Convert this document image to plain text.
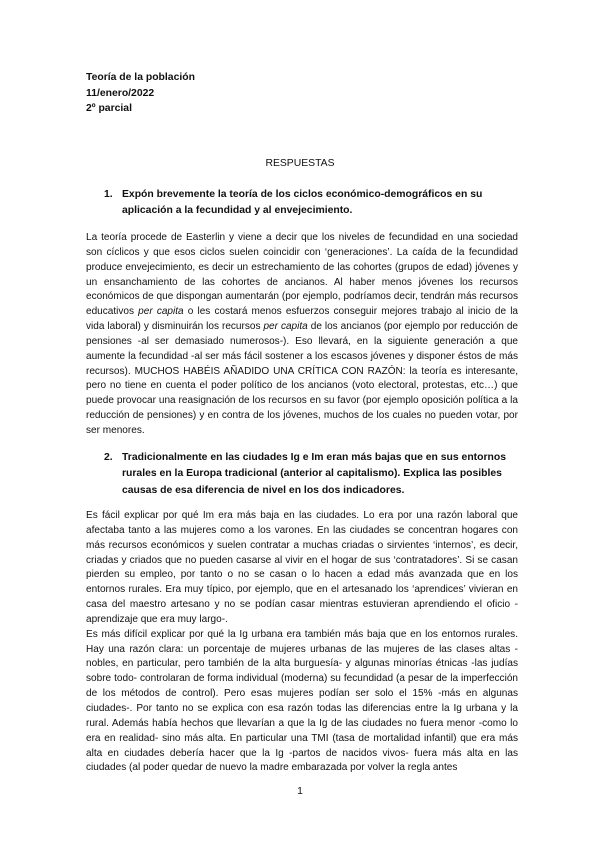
Teoría de la población
11/enero/2022
2º parcial
RESPUESTAS
1. Expón brevemente la teoría de los ciclos económico-demográficos en su aplicación a la fecundidad y al envejecimiento.

La teoría procede de Easterlin y viene a decir que los niveles de fecundidad en una sociedad son cíclicos y que esos ciclos suelen coincidir con ‘generaciones’. La caída de la fecundidad produce envejecimiento, es decir un estrechamiento de las cohortes (grupos de edad) jóvenes y un ensanchamiento de las cohortes de ancianos. Al haber menos jóvenes los recursos económicos de que dispongan aumentarán (por ejemplo, podríamos decir, tendrán más recursos educativos per capita o les costará menos esfuerzos conseguir mejores trabajo al inicio de la vida laboral) y disminuirán los recursos per capita de los ancianos (por ejemplo por reducción de pensiones -al ser demasiado numerosos-). Eso llevará, en la siguiente generación a que aumente la fecundidad -al ser más fácil sostener a los escasos jóvenes y disponer éstos de más recursos). MUCHOS HABÉIS AÑADIDO UNA CRÍTICA CON RAZÓN: la teoría es interesante, pero no tiene en cuenta el poder político de los ancianos (voto electoral, protestas, etc…) que puede provocar una reasignación de los recursos en su favor (por ejemplo oposición política a la reducción de pensiones) y en contra de los jóvenes, muchos de los cuales no pueden votar, por ser menores.

2. Tradicionalmente en las ciudades Ig e Im eran más bajas que en sus entornos rurales en la Europa tradicional (anterior al capitalismo). Explica las posibles causas de esa diferencia de nivel en los dos indicadores.

Es fácil explicar por qué Im era más baja en las ciudades. Lo era por una razón laboral que afectaba tanto a las mujeres como a los varones. En las ciudades se concentran hogares con más recursos económicos y suelen contratar a muchas criadas o sirvientes ‘internos’, es decir, criadas y criados que no pueden casarse al vivir en el hogar de sus ‘contratadores’. Si se casan pierden su empleo, por tanto o no se casan o lo hacen a edad más avanzada que en los entornos rurales. Era muy típico, por ejemplo, que en el artesanado los ‘aprendices’ vivieran en casa del maestro artesano y no se podían casar mientras estuvieran aprendiendo el oficio -aprendizaje que era muy largo-.

Es más difícil explicar por qué la Ig urbana era también más baja que en los entornos rurales. Hay una razón clara: un porcentaje de mujeres urbanas de las mujeres de las clases altas -nobles, en particular, pero también de la alta burguesía- y algunas minorías étnicas -las judías sobre todo- controlaran de forma individual (moderna) su fecundidad (a pesar de la imperfección de los métodos de control). Pero esas mujeres podían ser solo el 15% -más en algunas ciudades-. Por tanto no se explica con esa razón todas las diferencias entre la Ig urbana y la rural. Además había hechos que llevarían a que la Ig de las ciudades no fuera menor -como lo era en realidad- sino más alta. En particular una TMI (tasa de mortalidad infantil) que era más alta en ciudades debería hacer que la Ig -partos de nacidos vivos- fuera más alta en las ciudades (al poder quedar de nuevo la madre embarazada por volver la regla antes

1
